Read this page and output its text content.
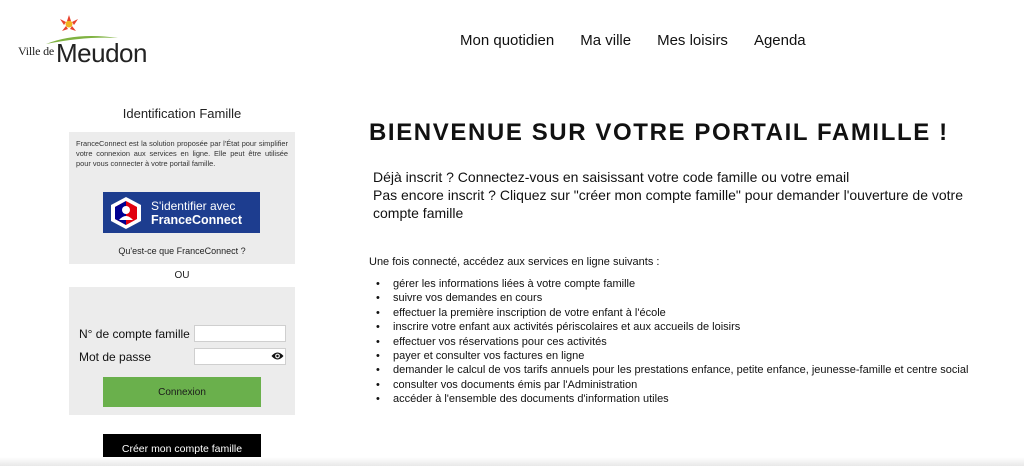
Ville de Meudon	Mon quotidien Ma ville Mes loisirs Agenda
Identification Famille

FranceConnect est la solution proposée par l'État pour simplifier votre connexion aux services en ligne. Elle peut être utilisée pour vous connecter à votre portail famille.

S'identifier avec
FranceConnect
Qu'est-ce que FranceConnect ?
OU
N° de compte famille
Mot de passe
Connexion
Créer mon compte famille
BIENVENUE SUR VOTRE PORTAIL FAMILLE !
Déjà inscrit ? Connectez-vous en saisissant votre code famille ou votre email
Pas encore inscrit ? Cliquez sur "créer mon compte famille" pour demander l'ouverture de votre compte famille

Une fois connecté, accédez aux services en ligne suivants :

• gérer les informations liées à votre compte famille
• suivre vos demandes en cours
• effectuer la première inscription de votre enfant à l'école
• inscrire votre enfant aux activités périscolaires et aux accueils de loisirs
• effectuer vos réservations pour ces activités
• payer et consulter vos factures en ligne
• demander le calcul de vos tarifs annuels pour les prestations enfance, petite enfance, jeunesse-famille et centre social
• consulter vos documents émis par l'Administration
• accéder à l'ensemble des documents d'information utiles
